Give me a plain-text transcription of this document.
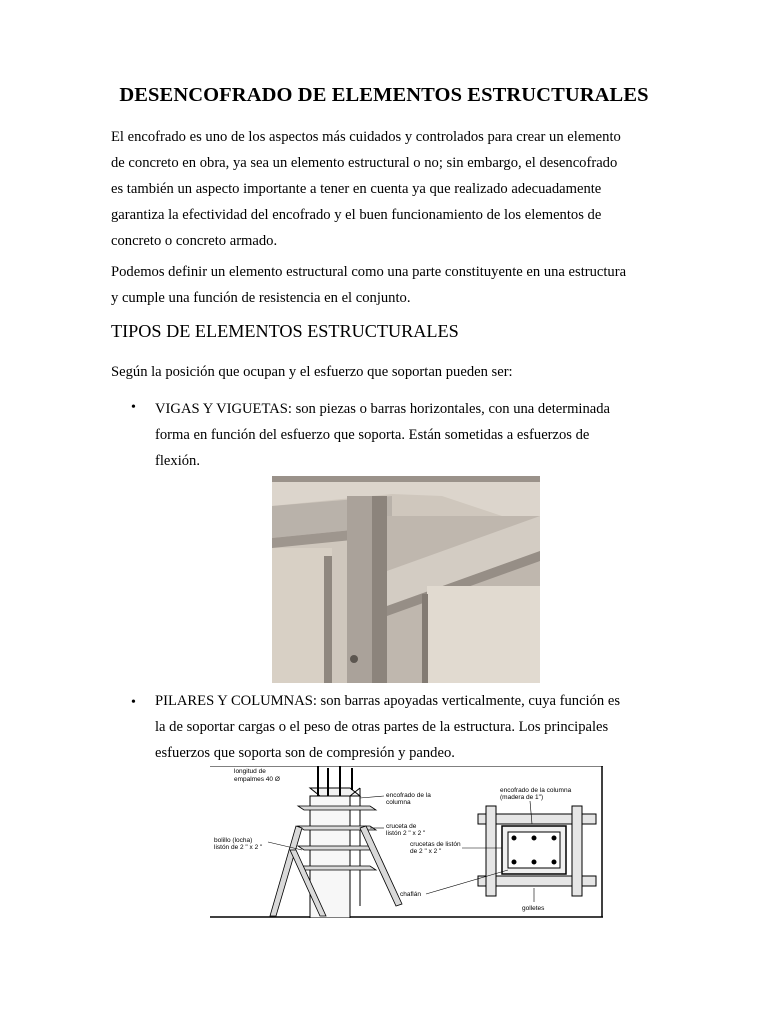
DESENCOFRADO DE ELEMENTOS ESTRUCTURALES

El encofrado es uno de los aspectos más cuidados y controlados para crear un elemento
de concreto en obra, ya sea un elemento estructural o no; sin embargo, el desencofrado
es también un aspecto importante a tener en cuenta ya que realizado adecuadamente
garantiza la efectividad del encofrado y el buen funcionamiento de los elementos de
concreto o concreto armado.

Podemos definir un elemento estructural como una parte constituyente en una estructura
y cumple una función de resistencia en el conjunto.

TIPOS DE ELEMENTOS ESTRUCTURALES

Según la posición que ocupan y el esfuerzo que soportan pueden ser:

• VIGAS Y VIGUETAS: son piezas o barras horizontales, con una determinada
forma en función del esfuerzo que soporta. Están sometidas a esfuerzos de
flexión.

• PILARES Y COLUMNAS: son barras apoyadas verticalmente, cuya función es
la de soportar cargas o el peso de otras partes de la estructura. Los principales
esfuerzos que soporta son de compresión y pandeo.

longitud de
empalmes 40 Ø
encofrado de la
columna
cruceta de
listón 2 " x 2 "
bolillo (locha)
listón de 2 " x 2 "
encofrado de la columna
(madera de 1")
crucetas de listón
de 2 " x 2 "
chaflán
golletes
